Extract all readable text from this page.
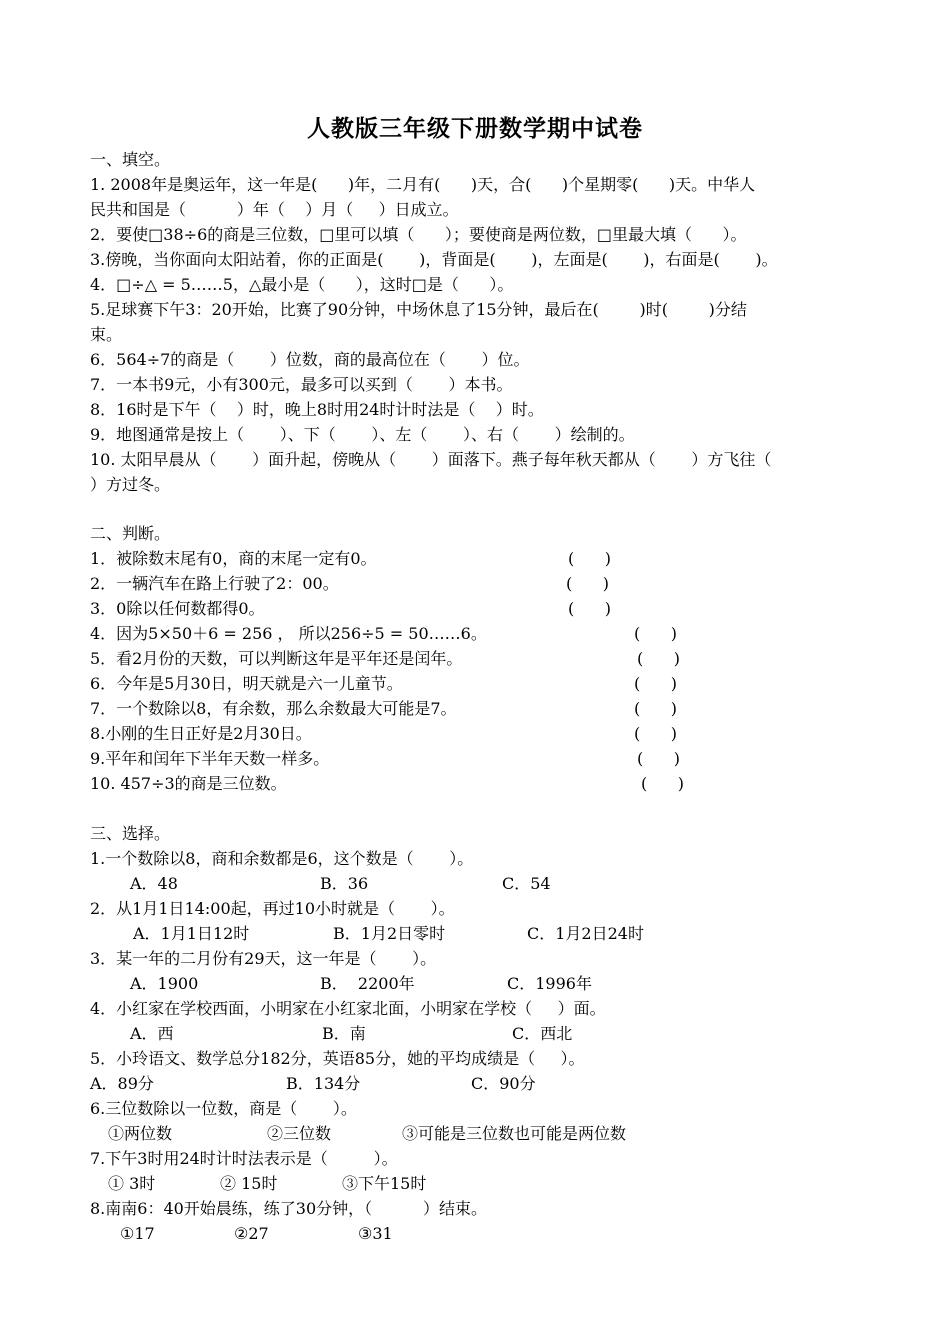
人教版三年级下册数学期中试卷
一、填空。
1. 2008年是奥运年，这一年是(      )年，二月有(      )天，合(      )个星期零(      )天。中华人
民共和国是（          ）年（    ）月（     ）日成立。
2．要使□38÷6的商是三位数，□里可以填（      ）；要使商是两位数，□里最大填（      ）。
3.傍晚，当你面向太阳站着，你的正面是(       )，背面是(       )，左面是(       )，右面是(       )。
4．□÷△ = 5……5，△最小是（      ），这时□是（      ）。
5.足球赛下午3：20开始，比赛了90分钟，中场休息了15分钟，最后在(        )时(        )分结
束。
6．564÷7的商是（       ）位数，商的最高位在（       ）位。
7．一本书9元，小有300元，最多可以买到（       ）本书。
8．16时是下午（    ）时，晚上8时用24时计时法是（    ）时。
9．地图通常是按上（       ）、下（       ）、左（       ）、右（       ）绘制的。
10. 太阳早晨从（       ）面升起，傍晚从（       ）面落下。燕子每年秋天都从（       ）方飞往（
）方过冬。
二、判断。
1．被除数末尾有0，商的末尾一定有0。	(      )
2．一辆汽车在路上行驶了2：00。	(      )
3．0除以任何数都得0。	(      )
4．因为5×50＋6 = 256 ， 所以256÷5 = 50……6。	(      )
5．看2月份的天数，可以判断这年是平年还是闰年。	(      )
6．今年是5月30日，明天就是六一儿童节。	(      )
7．一个数除以8，有余数，那么余数最大可能是7。	(      )
8.小刚的生日正好是2月30日。	(      )
9.平年和闰年下半年天数一样多。	(      )
10. 457÷3的商是三位数。	(      )
三、选择。
1.一个数除以8，商和余数都是6，这个数是（       ）。
A．48	B．36	C．54
2．从1月1日14:00起，再过10小时就是（       ）。
A．1月1日12时	B．1月2日零时	C．1月2日24时
3．某一年的二月份有29天，这一年是（       ）。
A．1900	B．  2200年	C．1996年
4．小红家在学校西面，小明家在小红家北面，小明家在学校（     ）面。
A．西	B．南	C．西北
5．小玲语文、数学总分182分，英语85分，她的平均成绩是（     ）。
A．89分	B．134分	C．90分
6.三位数除以一位数，商是（       ）。
①两位数	②三位数	③可能是三位数也可能是两位数
7.下午3时用24时计时法表示是（         ）。
① 3时	② 15时	③下午15时
8.南南6：40开始晨练，练了30分钟，（          ）结束。
①17	②27	③31
